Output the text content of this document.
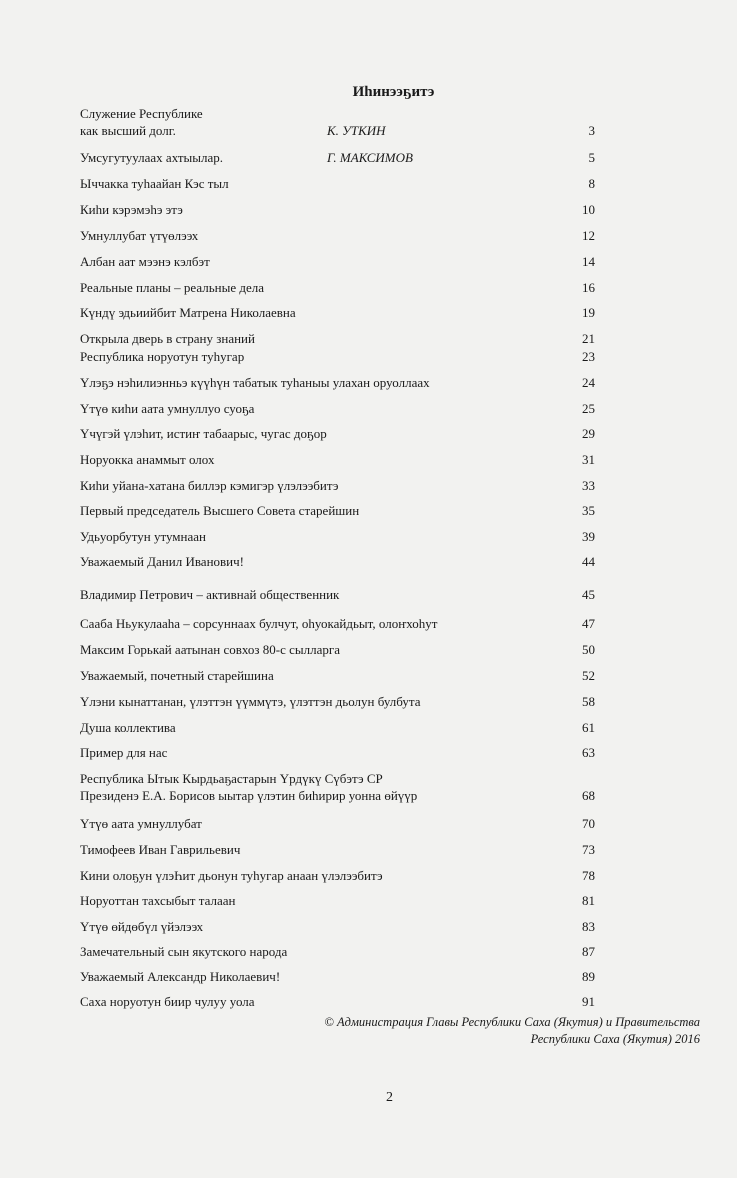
Иһинээҕитэ
Служение Республике
как высший долг.	К. УТКИН	3
Умсугутуулаах ахтыылар.	Г. МАКСИМОВ	5
Ыччакка туһаайан Кэс тыл	8
Киһи кэрэмэһэ этэ	10
Умнуллубат үтүөлээх	12
Албан аат мээнэ кэлбэт	14
Реальные планы – реальные дела	16
Күндү эдьиийбит Матрена Николаевна	19
Открыла дверь в страну знаний	21
Республика норуотун туһугар	23
Үлэҕэ нэһилиэнньэ күүһүн табатык туһаныы улахан оруоллаах	24
Үтүө киһи аата умнуллуо суоҕа	25
Үчүгэй үлэһит, истиҥ табаарыс, чугас доҕор	29
Норуокка анаммыт олох	31
Киһи уйана-хатана биллэр кэмигэр үлэлээбитэ	33
Первый председатель Высшего Совета старейшин	35
Удьуорбутун утумнаан	39
Уважаемый Данил Иванович!	44
Владимир Петрович – активнай общественник	45
Сааба Ньукулааһа – сорсуннаах булчут, оһуокайдьыт, олоҥхоһут	47
Максим Горькай аатынан совхоз 80-с сылларга	50
Уважаемый, почетный старейшина	52
Үлэни кынаттанан, үлэттэн үүммүтэ, үлэттэн дьолун булбута	58
Душа коллектива	61
Пример для нас	63
Республика Ытык Кырдьаҕастарын Үрдүкү Сүбэтэ СР
Президенэ Е.А. Борисов ыытар үлэтин биһирир уонна өйүүр	68
Үтүө аата умнуллубат	70
Тимофеев Иван Гаврильевич	73
Кини олоҕун үлэҺит дьонун туһугар анаан үлэлээбитэ	78
Норуоттан тахсыбыт талаан	81
Үтүө өйдөбүл үйэлээх	83
Замечательный сын якутского народа	87
Уважаемый Александр Николаевич!	89
Саха норуотун биир чулуу уола	91
© Администрация Главы Республики Саха (Якутия) и Правительства
Республики Саха (Якутия) 2016
2
